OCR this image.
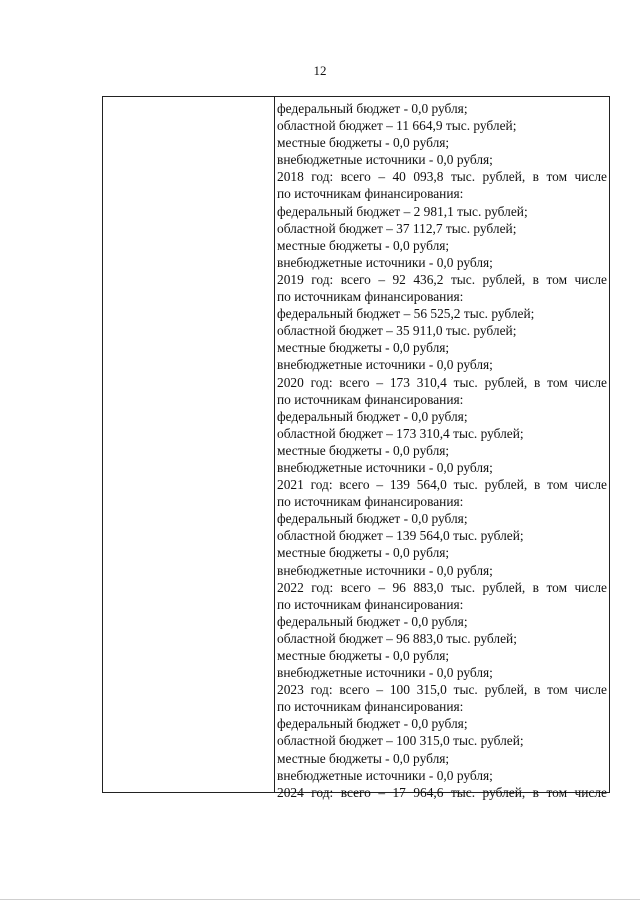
12
федеральный бюджет - 0,0 рубля;
областной бюджет – 11 664,9 тыс. рублей;
местные бюджеты - 0,0 рубля;
внебюджетные источники - 0,0 рубля;
2018 год: всего – 40 093,8 тыс. рублей, в том числе
по источникам финансирования:
федеральный бюджет – 2 981,1 тыс. рублей;
областной бюджет – 37 112,7 тыс. рублей;
местные бюджеты - 0,0 рубля;
внебюджетные источники - 0,0 рубля;
2019 год: всего – 92 436,2 тыс. рублей, в том числе
по источникам финансирования:
федеральный бюджет – 56 525,2 тыс. рублей;
областной бюджет – 35 911,0 тыс. рублей;
местные бюджеты - 0,0 рубля;
внебюджетные источники - 0,0 рубля;
2020 год: всего – 173 310,4 тыс. рублей, в том числе
по источникам финансирования:
федеральный бюджет - 0,0 рубля;
областной бюджет – 173 310,4 тыс. рублей;
местные бюджеты - 0,0 рубля;
внебюджетные источники - 0,0 рубля;
2021 год: всего – 139 564,0 тыс. рублей, в том числе
по источникам финансирования:
федеральный бюджет - 0,0 рубля;
областной бюджет – 139 564,0 тыс. рублей;
местные бюджеты - 0,0 рубля;
внебюджетные источники - 0,0 рубля;
2022 год: всего – 96 883,0 тыс. рублей, в том числе
по источникам финансирования:
федеральный бюджет - 0,0 рубля;
областной бюджет – 96 883,0 тыс. рублей;
местные бюджеты - 0,0 рубля;
внебюджетные источники - 0,0 рубля;
2023 год: всего – 100 315,0 тыс. рублей, в том числе
по источникам финансирования:
федеральный бюджет - 0,0 рубля;
областной бюджет – 100 315,0 тыс. рублей;
местные бюджеты - 0,0 рубля;
внебюджетные источники - 0,0 рубля;
2024 год: всего – 17 964,6 тыс. рублей, в том числе
